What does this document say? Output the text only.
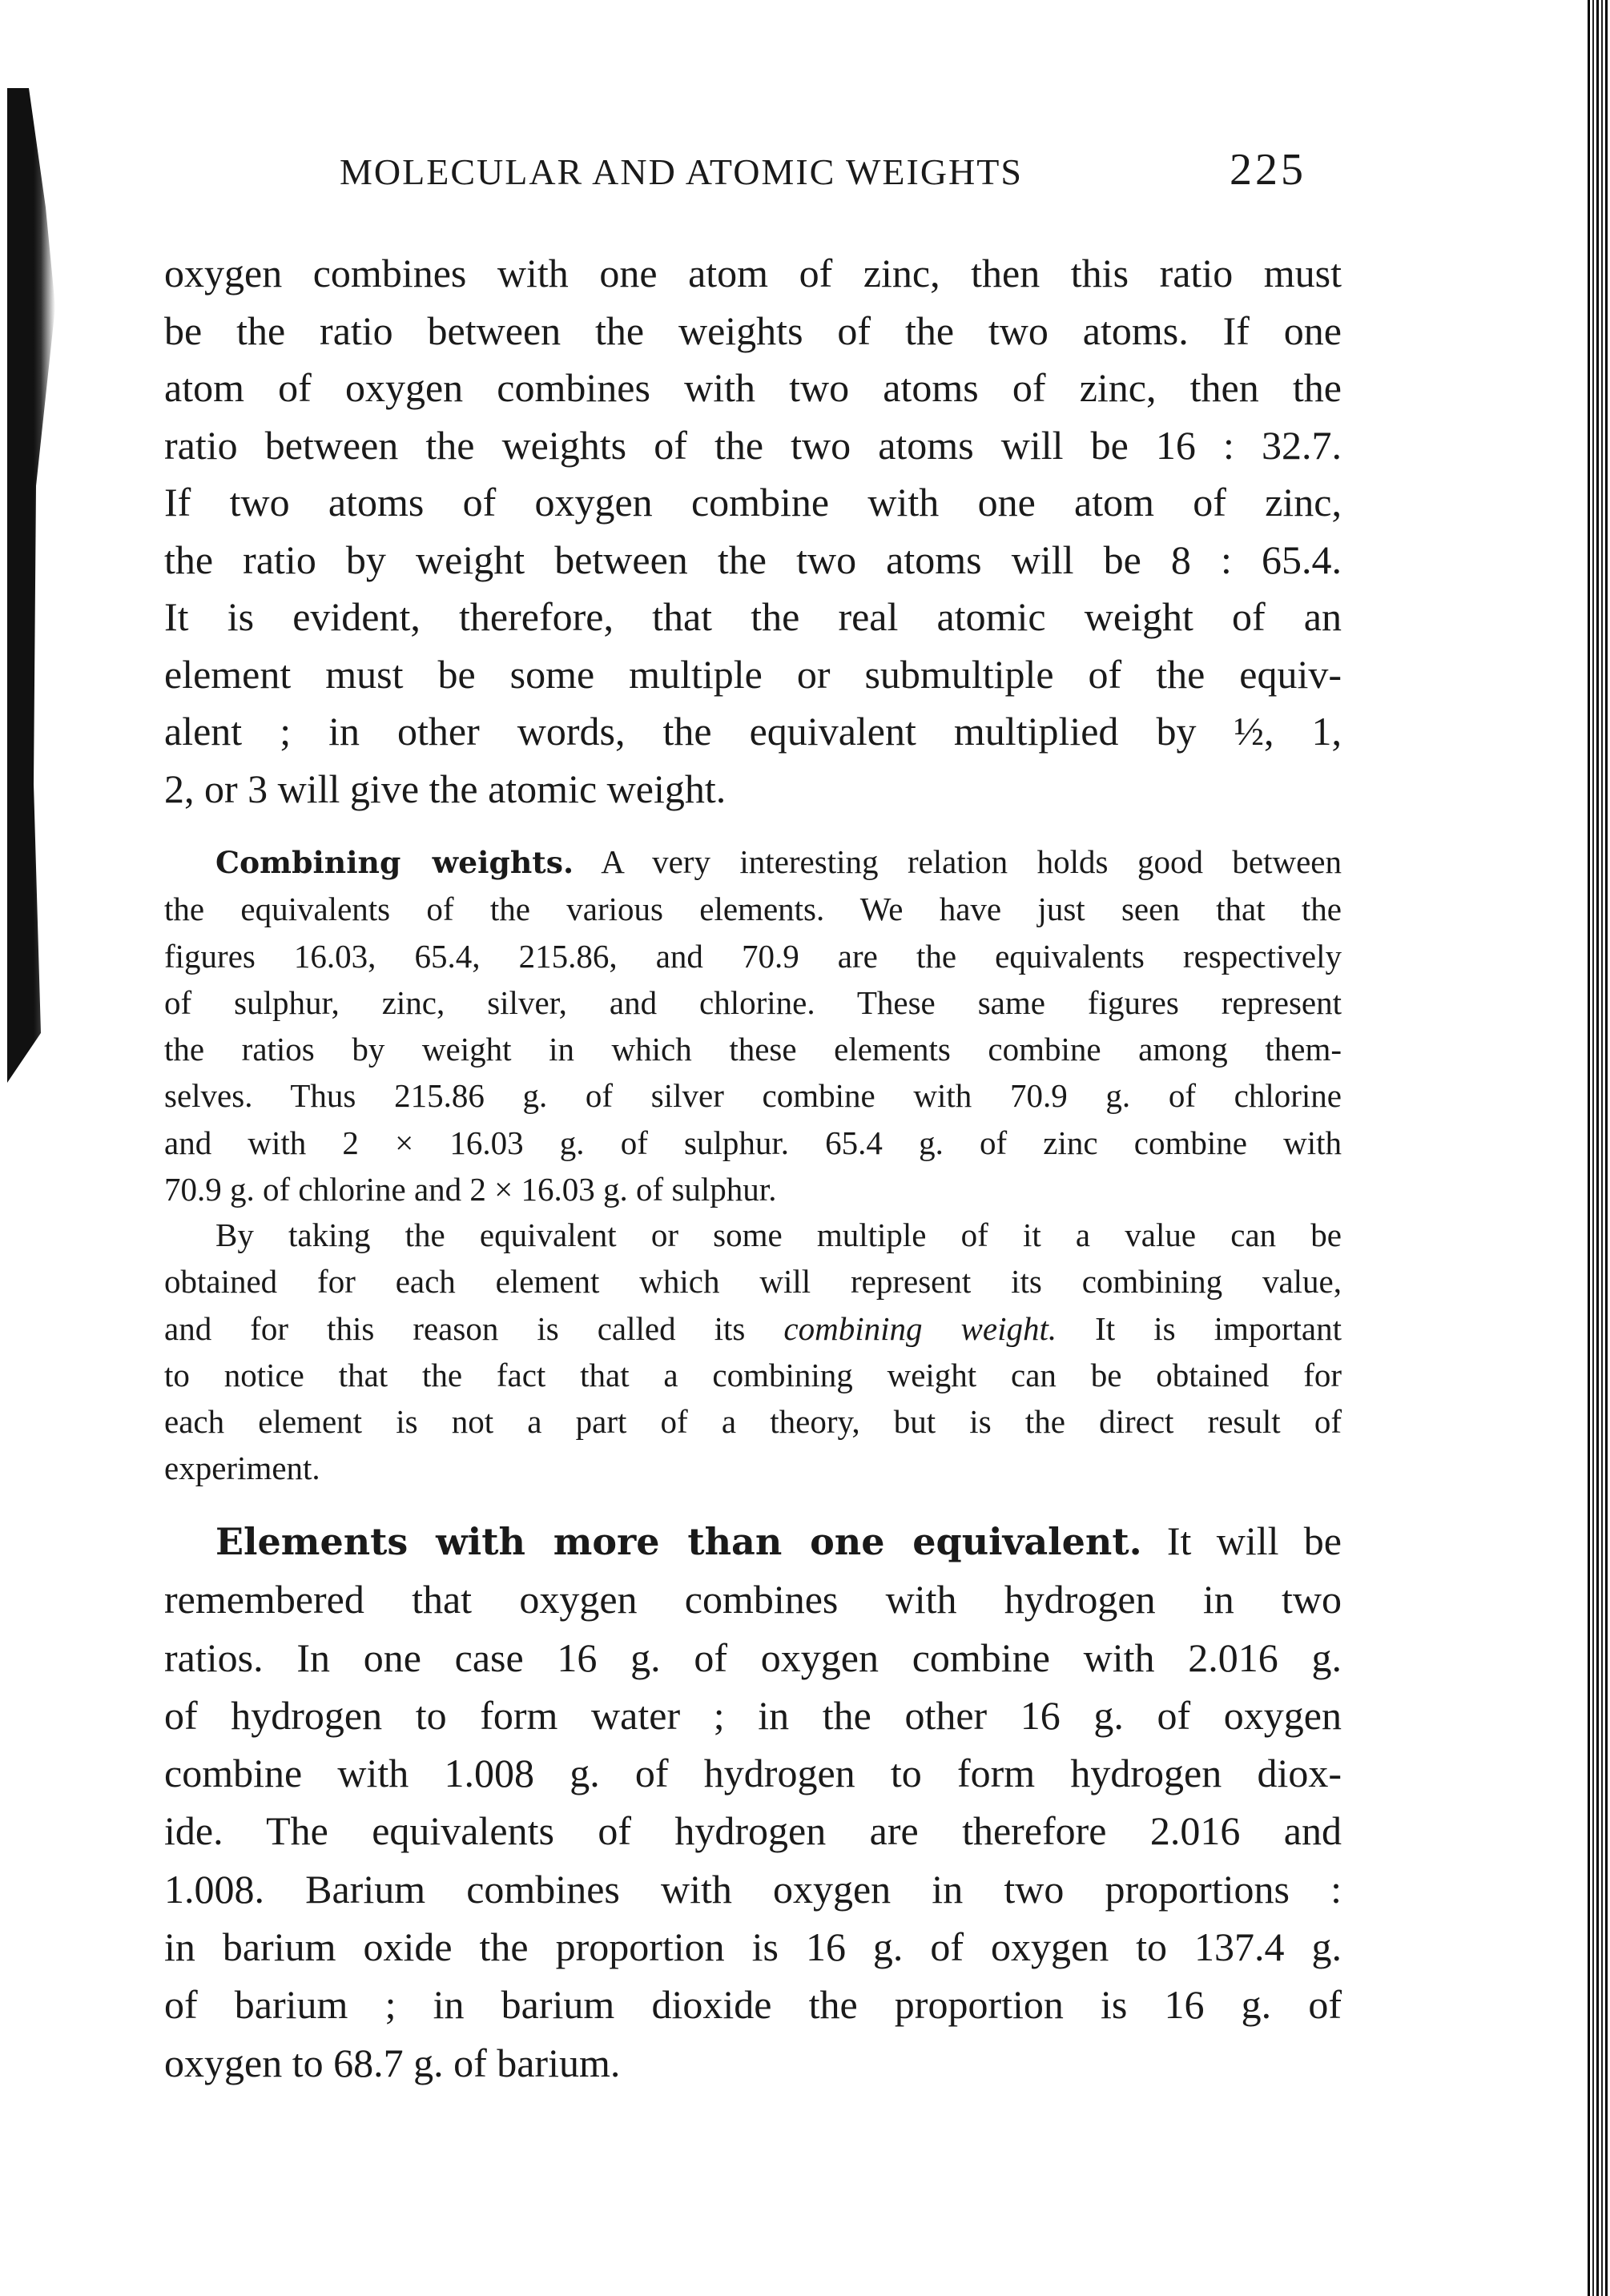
MOLECULAR AND ATOMIC WEIGHTS	225
oxygen combines with one atom of zinc, then this ratio must
be the ratio between the weights of the two atoms. If one
atom of oxygen combines with two atoms of zinc, then the
ratio between the weights of the two atoms will be 16 : 32.7.
If two atoms of oxygen combine with one atom of zinc,
the ratio by weight between the two atoms will be 8 : 65.4.
It is evident, therefore, that the real atomic weight of an
element must be some multiple or submultiple of the equiv-
alent ; in other words, the equivalent multiplied by ½, 1,
2, or 3 will give the atomic weight.
Combining weights. A very interesting relation holds good between
the equivalents of the various elements. We have just seen that the
figures 16.03, 65.4, 215.86, and 70.9 are the equivalents respectively
of sulphur, zinc, silver, and chlorine. These same figures represent
the ratios by weight in which these elements combine among them-
selves. Thus 215.86 g. of silver combine with 70.9 g. of chlorine
and with 2 × 16.03 g. of sulphur. 65.4 g. of zinc combine with
70.9 g. of chlorine and 2 × 16.03 g. of sulphur.
By taking the equivalent or some multiple of it a value can be
obtained for each element which will represent its combining value,
and for this reason is called its combining weight. It is important
to notice that the fact that a combining weight can be obtained for
each element is not a part of a theory, but is the direct result of
experiment.
Elements with more than one equivalent. It will be
remembered that oxygen combines with hydrogen in two
ratios. In one case 16 g. of oxygen combine with 2.016 g.
of hydrogen to form water ; in the other 16 g. of oxygen
combine with 1.008 g. of hydrogen to form hydrogen diox-
ide. The equivalents of hydrogen are therefore 2.016 and
1.008. Barium combines with oxygen in two proportions :
in barium oxide the proportion is 16 g. of oxygen to 137.4 g.
of barium ; in barium dioxide the proportion is 16 g. of
oxygen to 68.7 g. of barium.
